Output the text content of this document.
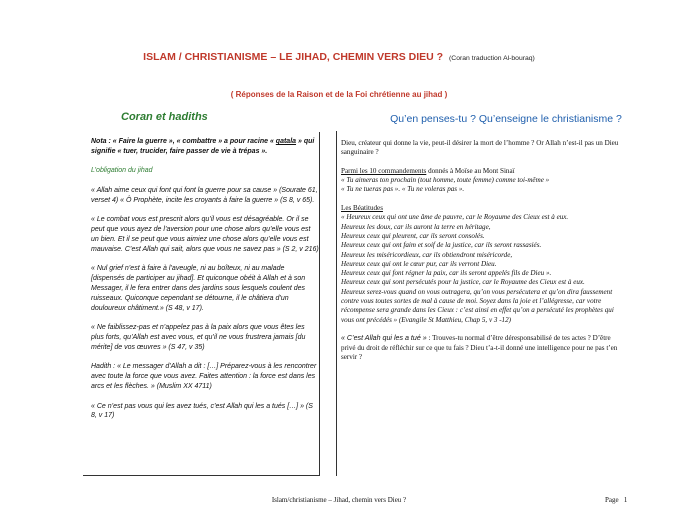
ISLAM / CHRISTIANISME – LE JIHAD, CHEMIN VERS DIEU ? (Coran traduction Al-bouraq)
( Réponses de la Raison et de la Foi chrétienne au jihad )
Coran et hadiths	Qu’en penses-tu ? Qu’enseigne le christianisme ?

Nota : « Faire la guerre », « combattre » a pour racine « qatala » qui signifie « tuer, trucider, faire passer de vie à trépas ».

L’obligation du jihad

« Allah aime ceux qui font qui font la guerre pour sa cause » (Sourate 61, verset 4) « Ô Prophète, incite les croyants à faire la guerre » (S 8, v 65).

« Le combat vous est prescrit alors qu’il vous est désagréable. Or il se peut que vous ayez de l’aversion pour une chose alors qu’elle vous est un bien. Et il se peut que vous aimiez une chose alors qu’elle vous est mauvaise. C’est Allah qui sait, alors que vous ne savez pas » (S 2, v 216)

« Nul grief n’est à faire à l’aveugle, ni au boîteux, ni au malade [dispensés de participer au jihad]. Et quiconque obéit à Allah et à son Messager, il le fera entrer dans des jardins sous lesquels coulent des ruisseaux. Quiconque cependant se détourne, il le châtiera d’un douloureux châtiment.» (S 48, v 17).

« Ne faiblissez-pas et n’appelez pas à la paix alors que vous êtes les plus forts, qu’Allah est avec vous, et qu’il ne vous frustrera jamais [du mérite] de vos œuvres » (S 47, v 35)

Hadith : « Le messager d’Allah a dit : […] Préparez-vous à les rencontrer avec toute la force que vous avez. Faites attention : la force est dans les arcs et les flèches. » (Muslim XX 4711)

« Ce n’est pas vous qui les avez tués, c’est Allah qui les a tués […] » (S 8, v 17)

Dieu, créateur qui donne la vie, peut-il désirer la mort de l’homme ? Or Allah n’est-il pas un Dieu sanguinaire ?

Parmi les 10 commandements donnés à Moïse au Mont Sinaï
« Tu aimeras ton prochain (tout homme, toute femme) comme toi-même »
« Tu ne tueras pas ». « Tu ne voleras pas ».

Les Béatitudes
« Heureux ceux qui ont une âme de pauvre, car le Royaume des Cieux est à eux.
Heureux les doux, car ils auront la terre en héritage,
Heureux ceux qui pleurent, car ils seront consolés.
Heureux ceux qui ont faim et soif de la justice, car ils seront rassasiés.
Heureux les miséricordieux, car ils obtiendront miséricorde,
Heureux ceux qui ont le cœur pur, car ils verront Dieu.
Heureux ceux qui font régner la paix, car ils seront appelés fils de Dieu ».
Heureux ceux qui sont persécutés pour la justice, car le Royaume des Cieux est à eux.
Heureux serez-vous quand on vous outragera, qu’on vous persécutera et qu’on dira faussement contre vous toutes sortes de mal à cause de moi. Soyez dans la joie et l’allégresse, car votre récompense sera grande dans les Cieux : c’est ainsi en effet qu’on a persécuté les prophètes qui vous ont précédés » (Evangile St Matthieu, Chap 5, v 3 -12)

« C’est Allah qui les a tué » : Trouves-tu normal d’être déresponsabilisé de tes actes ? D’être privé du droit de réfléchir sur ce que tu fais ? Dieu t’a-t-il donné une intelligence pour ne pas t’en servir ?

Islam/christianisme – Jihad, chemin vers Dieu ?	Page 1
